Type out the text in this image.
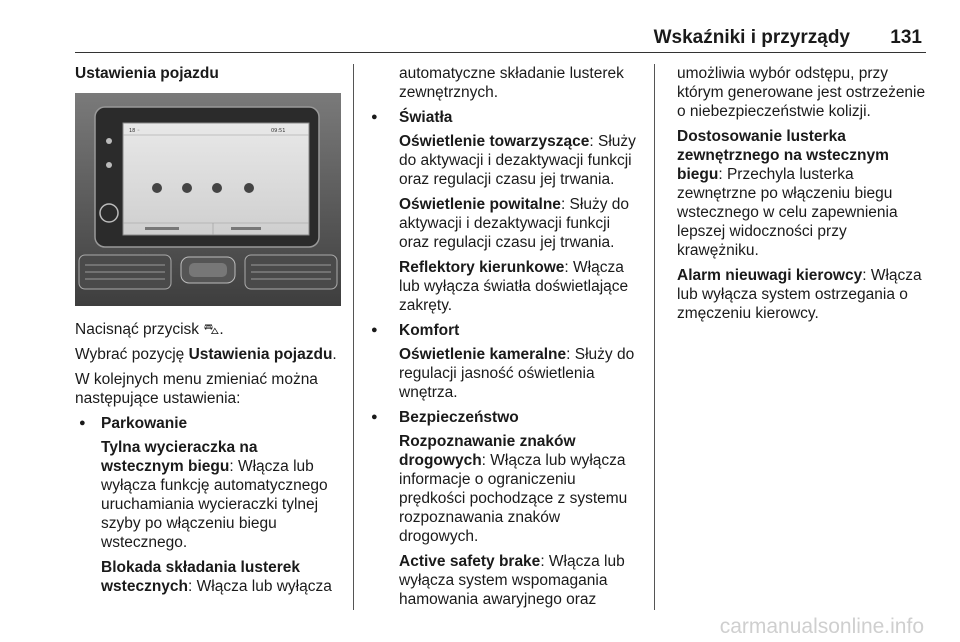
Wskaźniki i przyrządy 131
Ustawienia pojazdu
18 ◦	09:51

Nacisnąć przycisk ⛍.

Wybrać pozycję Ustawienia pojazdu.

W kolejnych menu zmieniać można następujące ustawienia:

● Parkowanie

Tylna wycieraczka na wstecznym biegu: Włącza lub wyłącza funkcję automatycznego uruchamiania wycieraczki tylnej szyby po włączeniu biegu wstecznego.

Blokada składania lusterek wstecznych: Włącza lub wyłącza

automatyczne składanie lusterek zewnętrznych.

● Światła

Oświetlenie towarzyszące: Służy do aktywacji i dezaktywacji funkcji oraz regulacji czasu jej trwania.

Oświetlenie powitalne: Służy do aktywacji i dezaktywacji funkcji oraz regulacji czasu jej trwania.

Reflektory kierunkowe: Włącza lub wyłącza światła doświetlające zakręty.

● Komfort

Oświetlenie kameralne: Służy do regulacji jasność oświetlenia wnętrza.

● Bezpieczeństwo

Rozpoznawanie znaków drogowych: Włącza lub wyłącza informacje o ograniczeniu prędkości pochodzące z systemu rozpoznawania znaków drogowych.

Active safety brake: Włącza lub wyłącza system wspomagania hamowania awaryjnego oraz

umożliwia wybór odstępu, przy którym generowane jest ostrzeżenie o niebezpieczeństwie kolizji.

Dostosowanie lusterka zewnętrznego na wstecznym biegu: Przechyla lusterka zewnętrzne po włączeniu biegu wstecznego w celu zapewnienia lepszej widoczności przy krawężniku.

Alarm nieuwagi kierowcy: Włącza lub wyłącza system ostrzegania o zmęczeniu kierowcy.

carmanualsonline.info
